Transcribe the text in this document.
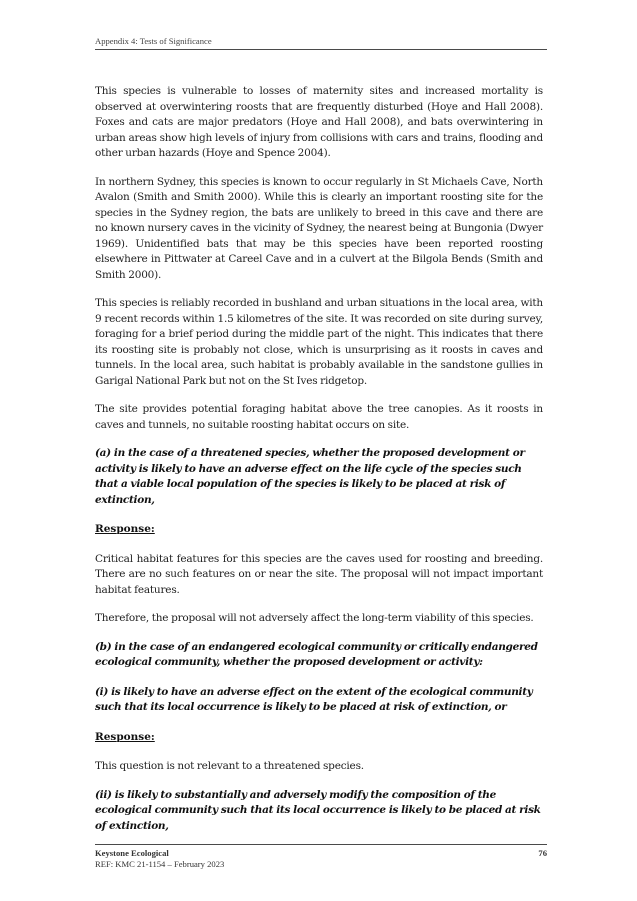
Appendix 4: Tests of Significance

This species is vulnerable to losses of maternity sites and increased mortality is observed at overwintering roosts that are frequently disturbed (Hoye and Hall 2008). Foxes and cats are major predators (Hoye and Hall 2008), and bats overwintering in urban areas show high levels of injury from collisions with cars and trains, flooding and other urban hazards (Hoye and Spence 2004).

In northern Sydney, this species is known to occur regularly in St Michaels Cave, North Avalon (Smith and Smith 2000). While this is clearly an important roosting site for the species in the Sydney region, the bats are unlikely to breed in this cave and there are no known nursery caves in the vicinity of Sydney, the nearest being at Bungonia (Dwyer 1969). Unidentified bats that may be this species have been reported roosting elsewhere in Pittwater at Careel Cave and in a culvert at the Bilgola Bends (Smith and Smith 2000).

This species is reliably recorded in bushland and urban situations in the local area, with 9 recent records within 1.5 kilometres of the site. It was recorded on site during survey, foraging for a brief period during the middle part of the night. This indicates that there its roosting site is probably not close, which is unsurprising as it roosts in caves and tunnels. In the local area, such habitat is probably available in the sandstone gullies in Garigal National Park but not on the St Ives ridgetop.

The site provides potential foraging habitat above the tree canopies. As it roosts in caves and tunnels, no suitable roosting habitat occurs on site.

(a) in the case of a threatened species, whether the proposed development or activity is likely to have an adverse effect on the life cycle of the species such that a viable local population of the species is likely to be placed at risk of extinction,

Response:

Critical habitat features for this species are the caves used for roosting and breeding. There are no such features on or near the site. The proposal will not impact important habitat features.

Therefore, the proposal will not adversely affect the long-term viability of this species.

(b) in the case of an endangered ecological community or critically endangered ecological community, whether the proposed development or activity:

(i) is likely to have an adverse effect on the extent of the ecological community such that its local occurrence is likely to be placed at risk of extinction, or

Response:

This question is not relevant to a threatened species.

(ii) is likely to substantially and adversely modify the composition of the ecological community such that its local occurrence is likely to be placed at risk of extinction,

Keystone Ecological
REF: KMC 21-1154 – February 2023
76
